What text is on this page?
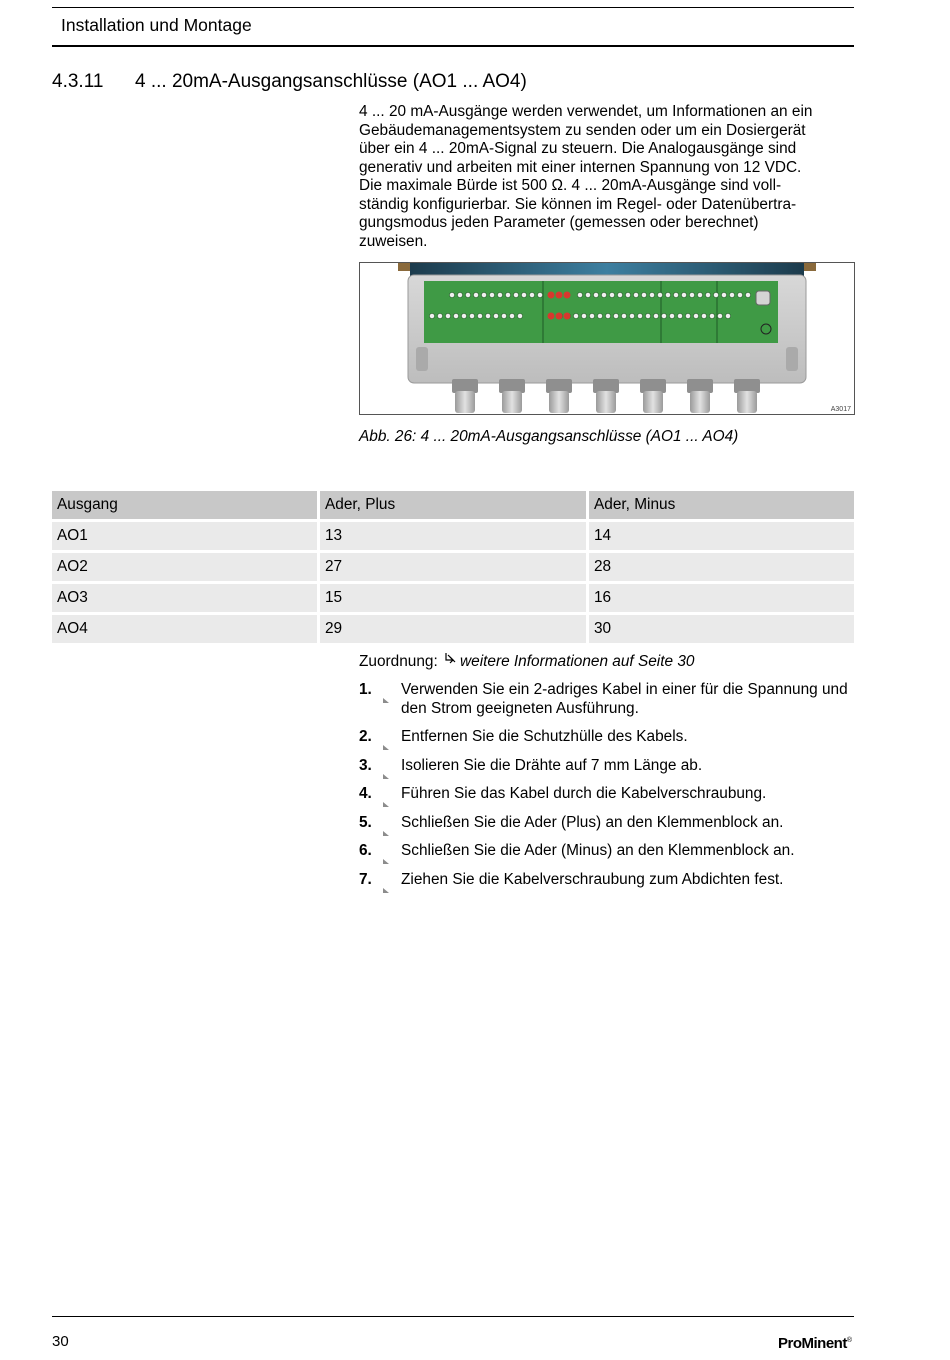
Installation und Montage
4.3.11 4 ... 20mA-Ausgangsanschlüsse (AO1 ... AO4)

4 ... 20 mA-Ausgänge werden verwendet, um Informationen an ein

Gebäudemanagementsystem zu senden oder um ein Dosiergerät

über ein 4 ... 20mA-Signal zu steuern. Die Analogausgänge sind

generativ und arbeiten mit einer internen Spannung von 12 VDC.

Die maximale Bürde ist 500 Ω. 4 ... 20mA-Ausgänge sind voll-

ständig konfigurierbar. Sie können im Regel- oder Datenübertra-

gungsmodus jeden Parameter (gemessen oder berechnet)

zuweisen.

A3017
Abb. 26: 4 ... 20mA-Ausgangsanschlüsse (AO1 ... AO4)
Ausgang	Ader, Plus	Ader, Minus
AO1	13	14
AO2	27	28
AO3	15	16
AO4	29	30
Zuordnung: weitere Informationen auf Seite 30
1.	Verwenden Sie ein 2-adriges Kabel in einer für die Spannung und den Strom geeigneten Ausführung.
2.	Entfernen Sie die Schutzhülle des Kabels.
3.	Isolieren Sie die Drähte auf 7 mm Länge ab.
4.	Führen Sie das Kabel durch die Kabelverschraubung.
5.	Schließen Sie die Ader (Plus) an den Klemmenblock an.
6.	Schließen Sie die Ader (Minus) an den Klemmenblock an.
7.	Ziehen Sie die Kabelverschraubung zum Abdichten fest.
30	ProMinent®
